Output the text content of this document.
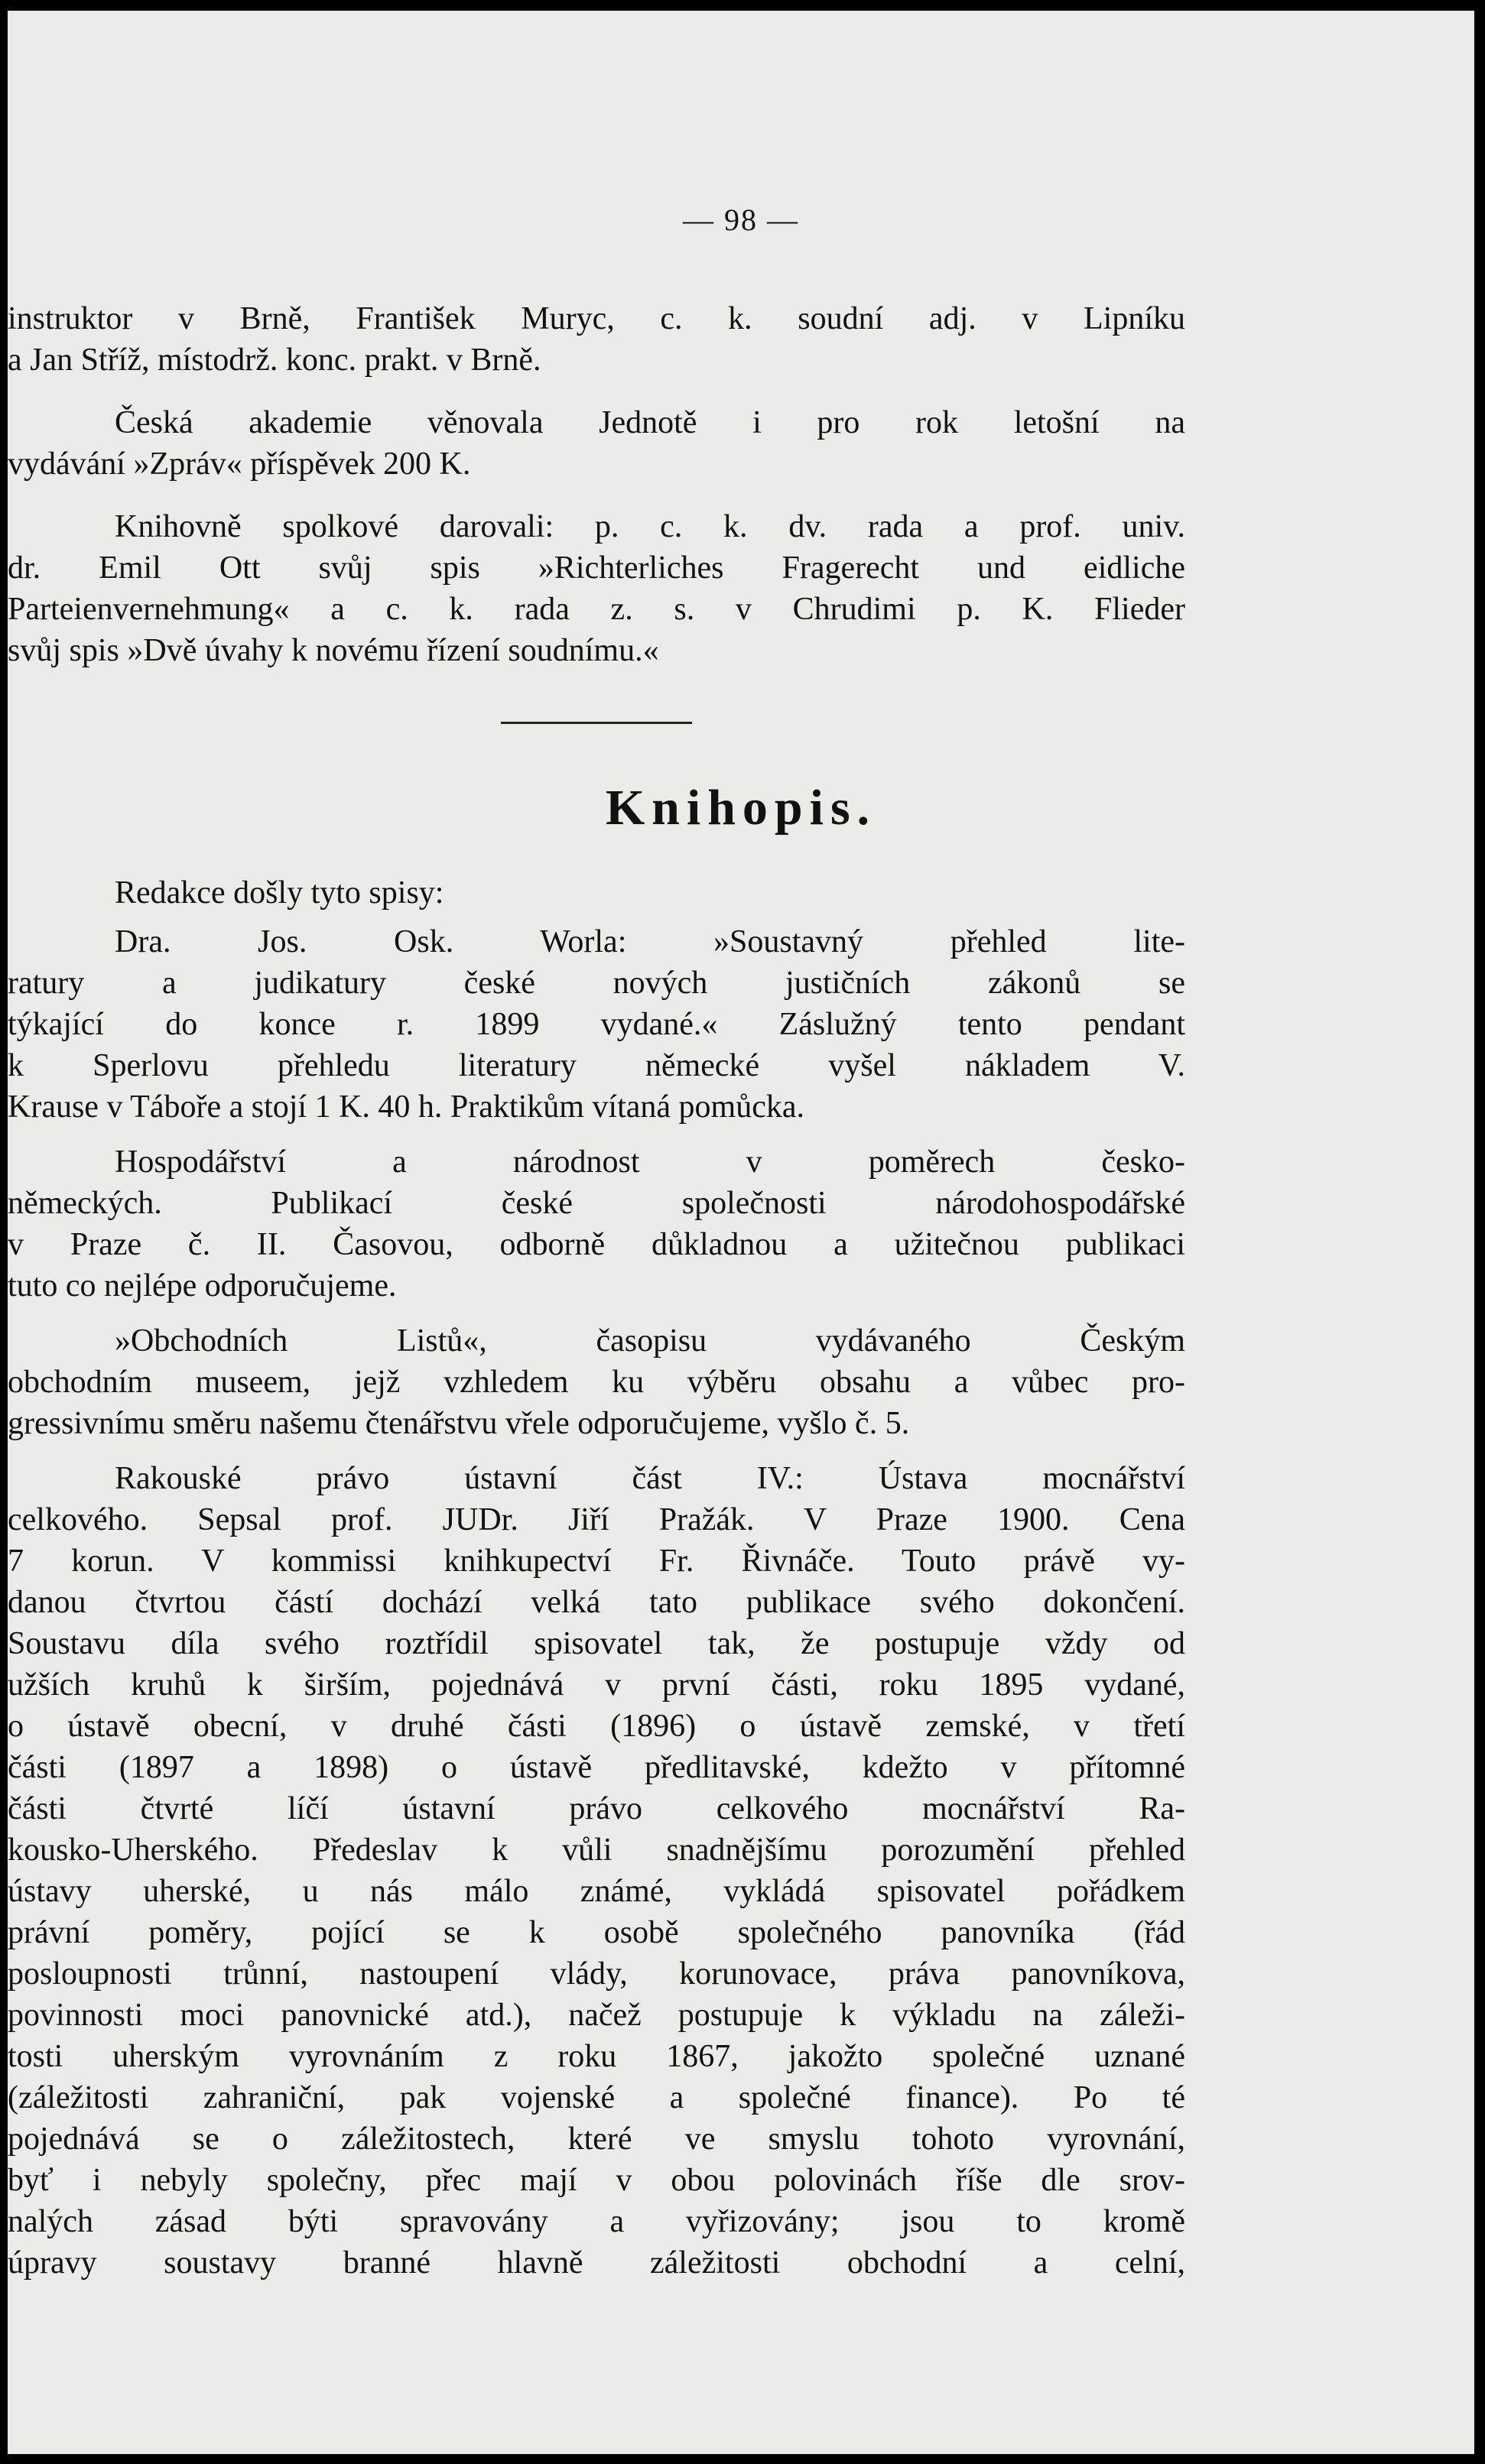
— 98 —
instruktor v Brně, František Muryc, c. k. soudní adj. v Lipníku
a Jan Stříž, místodrž. konc. prakt. v Brně.
Česká akademie věnovala Jednotě i pro rok letošní na
vydávání »Zpráv« příspěvek 200 K.
Knihovně spolkové darovali: p. c. k. dv. rada a prof. univ.
dr. Emil Ott svůj spis »Richterliches Fragerecht und eidliche
Parteienvernehmung« a c. k. rada z. s. v Chrudimi p. K. Flieder
svůj spis »Dvě úvahy k novému řízení soudnímu.«
Knihopis.
Redakce došly tyto spisy:
Dra. Jos. Osk. Worla: »Soustavný přehled lite-
ratury a judikatury české nových justičních zákonů se
týkající do konce r. 1899 vydané.« Záslužný tento pendant
k Sperlovu přehledu literatury německé vyšel nákladem V.
Krause v Táboře a stojí 1 K. 40 h. Praktikům vítaná pomůcka.
Hospodářství a národnost v poměrech česko-
německých. Publikací české společnosti národohospodářské
v Praze č. II. Časovou, odborně důkladnou a užitečnou publikaci
tuto co nejlépe odporučujeme.
»Obchodních Listů«, časopisu vydávaného Českým
obchodním museem, jejž vzhledem ku výběru obsahu a vůbec pro-
gressivnímu směru našemu čtenářstvu vřele odporučujeme, vyšlo č. 5.
Rakouské právo ústavní část IV.: Ústava mocnářství
celkového. Sepsal prof. JUDr. Jiří Pražák. V Praze 1900. Cena
7 korun. V kommissi knihkupectví Fr. Řivnáče. Touto právě vy-
danou čtvrtou částí dochází velká tato publikace svého dokončení.
Soustavu díla svého roztřídil spisovatel tak, že postupuje vždy od
užších kruhů k širším, pojednává v první části, roku 1895 vydané,
o ústavě obecní, v druhé části (1896) o ústavě zemské, v třetí
části (1897 a 1898) o ústavě předlitavské, kdežto v přítomné
části čtvrté líčí ústavní právo celkového mocnářství Ra-
kousko-Uherského. Předeslav k vůli snadnějšímu porozumění přehled
ústavy uherské, u nás málo známé, vykládá spisovatel pořádkem
právní poměry, pojící se k osobě společného panovníka (řád
posloupnosti trůnní, nastoupení vlády, korunovace, práva panovníkova,
povinnosti moci panovnické atd.), načež postupuje k výkladu na záleži-
tosti uherským vyrovnáním z roku 1867, jakožto společné uznané
(záležitosti zahraniční, pak vojenské a společné finance). Po té
pojednává se o záležitostech, které ve smyslu tohoto vyrovnání,
byť i nebyly společny, přec mají v obou polovinách říše dle srov-
nalých zásad býti spravovány a vyřizovány; jsou to kromě
úpravy soustavy branné hlavně záležitosti obchodní a celní,
